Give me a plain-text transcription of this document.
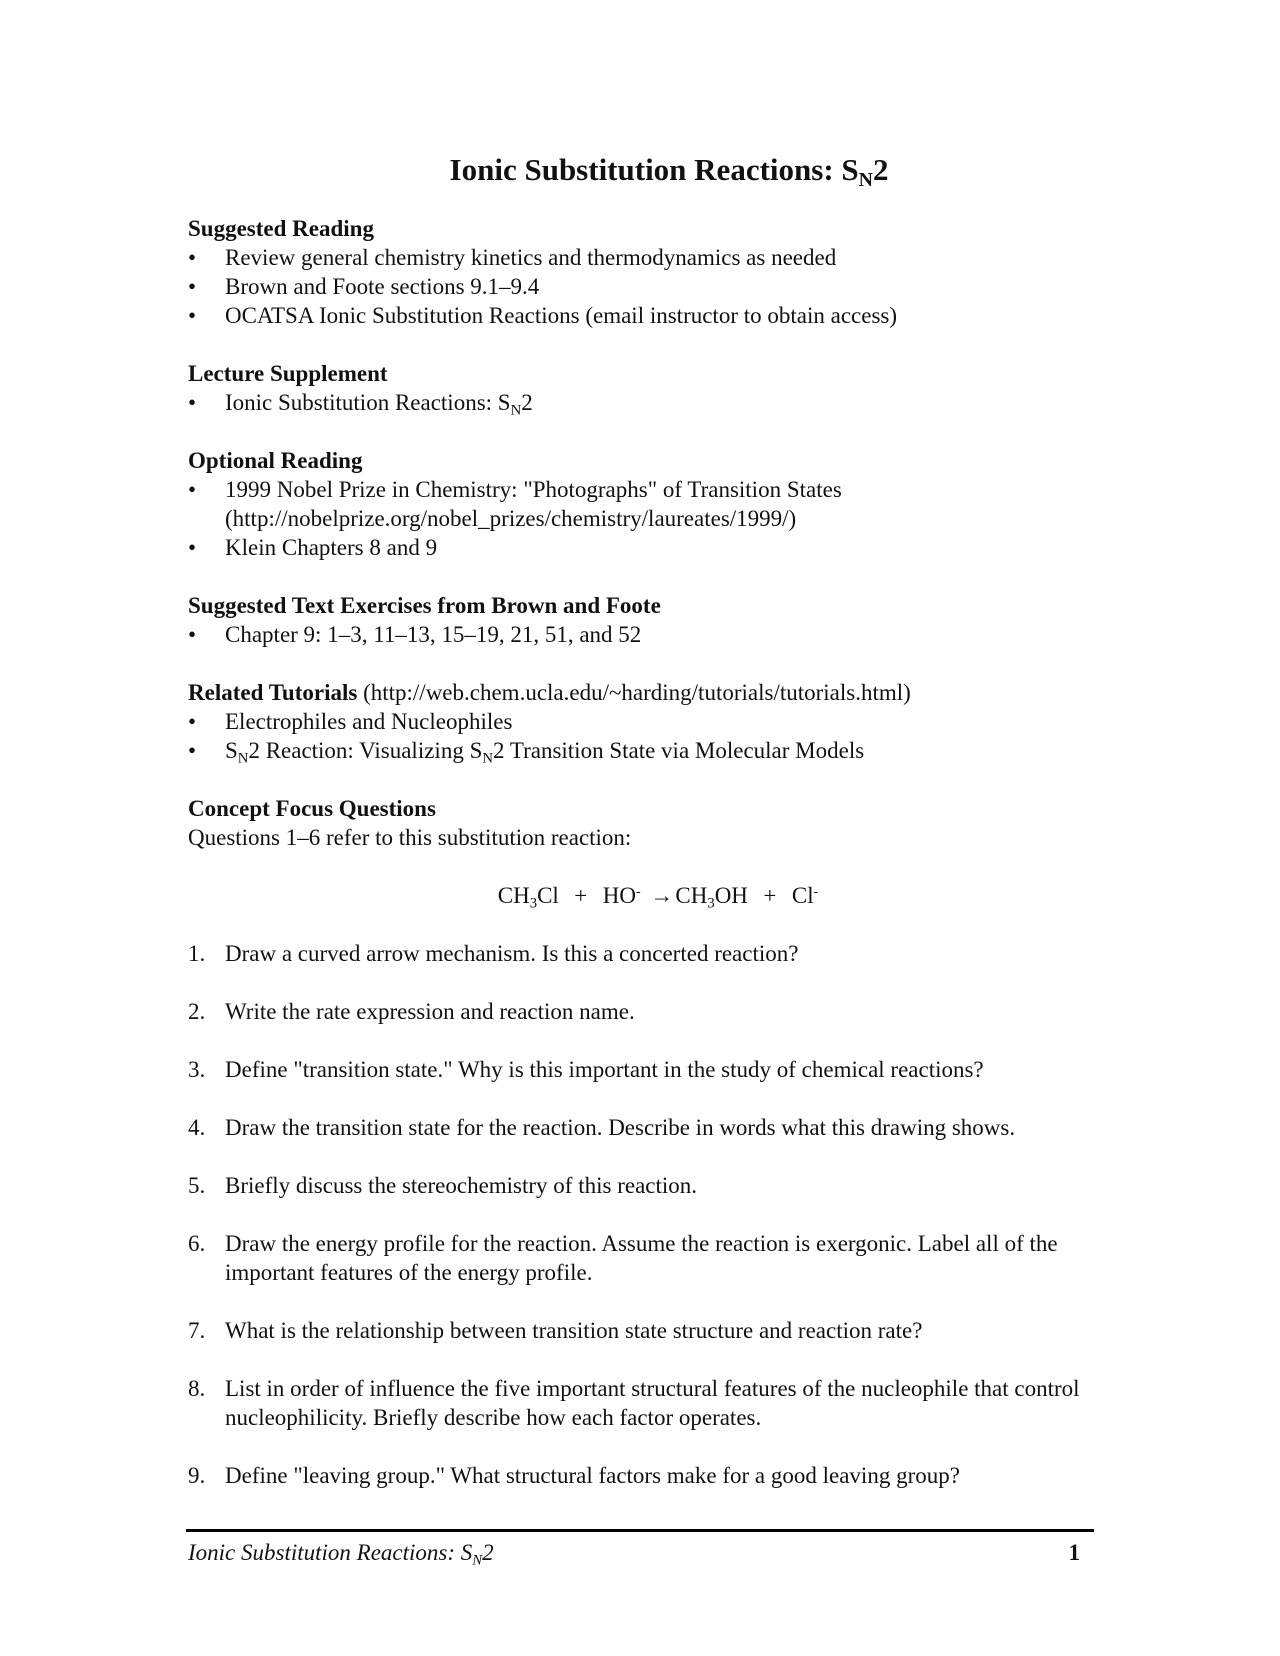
Ionic Substitution Reactions: $S_N2$
Suggested Reading
• Review general chemistry kinetics and thermodynamics as needed
• Brown and Foote sections 9.1–9.4
• OCATSA Ionic Substitution Reactions (email instructor to obtain access)
Lecture Supplement
• Ionic Substitution Reactions: $S_N2$
Optional Reading
• 1999 Nobel Prize in Chemistry: "Photographs" of Transition States
(http://nobelprize.org/nobel_prizes/chemistry/laureates/1999/)
• Klein Chapters 8 and 9
Suggested Text Exercises from Brown and Foote
• Chapter 9: 1–3, 11–13, 15–19, 21, 51, and 52
Related Tutorials (http://web.chem.ucla.edu/~harding/tutorials/tutorials.html)
• Electrophiles and Nucleophiles
• $S_N2$ Reaction: Visualizing $S_N2$ Transition State via Molecular Models
Concept Focus Questions

Questions 1–6 refer to this substitution reaction:

$CH_3Cl + HO^- \to CH_3OH + Cl^-$
1. Draw a curved arrow mechanism. Is this a concerted reaction?
2. Write the rate expression and reaction name.
3. Define "transition state." Why is this important in the study of chemical reactions?
4. Draw the transition state for the reaction. Describe in words what this drawing shows.
5. Briefly discuss the stereochemistry of this reaction.
6. Draw the energy profile for the reaction. Assume the reaction is exergonic. Label all of the important features of the energy profile.
7. What is the relationship between transition state structure and reaction rate?
8. List in order of influence the five important structural features of the nucleophile that control nucleophilicity. Briefly describe how each factor operates.
9. Define "leaving group." What structural factors make for a good leaving group?
Ionic Substitution Reactions: $S_N2$	1
